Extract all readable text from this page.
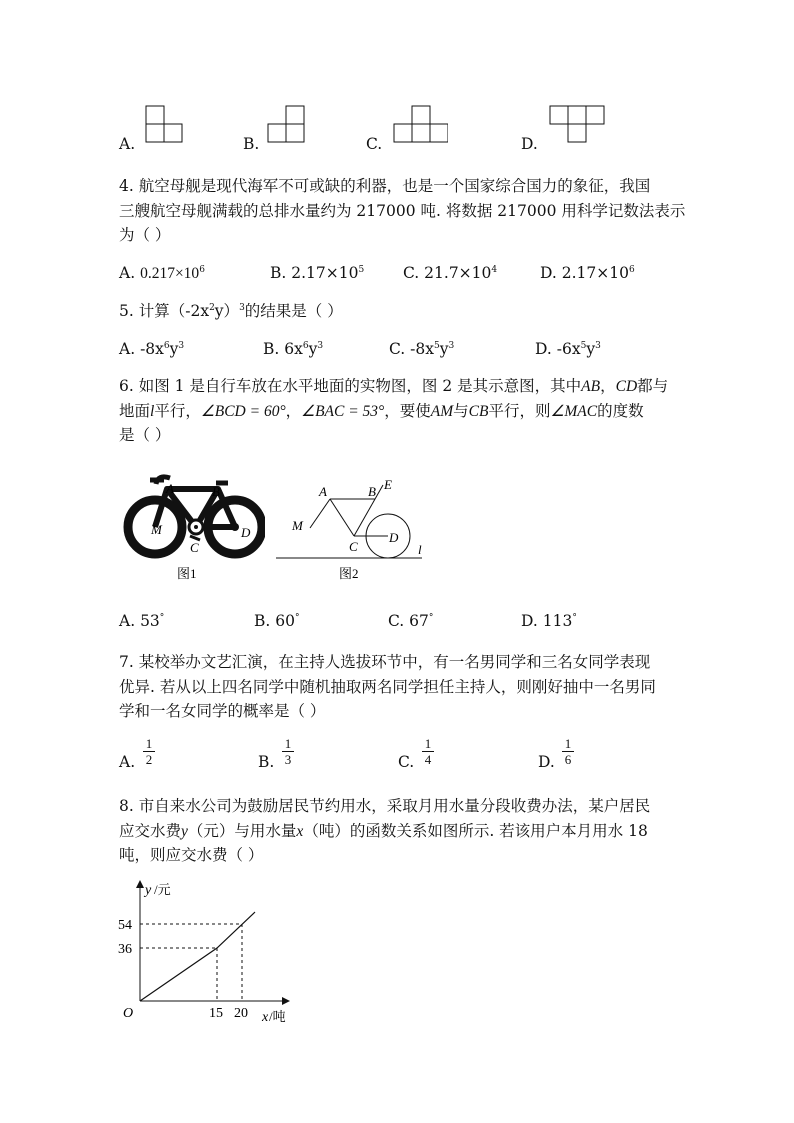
A.	B.	C.	D.
4. 航空母舰是现代海军不可或缺的利器，也是一个国家综合国力的象征，我国
三艘航空母舰满载的总排水量约为 217000 吨. 将数据 217000 用科学记数法表示
为（ ）
A. $0.217\times 10^6$	B. $2.17\times 10^5$	C. $21.7\times 10^4$	D. $2.17\times 10^6$
5. 计算$(-2x^2y)^3$的结果是（ ）
A. $-8x^6y^3$	B. $6x^6y^3$	C. $-8x^5y^3$	D. $-6x^5y^3$
6. 如图 1 是自行车放在水平地面的实物图，图 2 是其示意图，其中AB，CD都与
地面l平行，∠BCD = 60°，∠BAC = 53°，要使AM与CB平行，则∠MAC的度数
是（ ）
A	B
M
C
D
图1
A	B E
M
C
D
l
图2
A. 53°	B. 60°	C. 67°	D. 113°
7. 某校举办文艺汇演，在主持人选拔环节中，有一名男同学和三名女同学表现
优异. 若从以上四名同学中随机抽取两名同学担任主持人，则刚好抽中一名男同
学和一名女同学的概率是（ ）
A.
1
2	B.
1
3	C.
1
4	D.
1
6
8. 市自来水公司为鼓励居民节约用水，采取月用水量分段收费办法，某户居民
应交水费y（元）与用水量x（吨）的函数关系如图所示. 若该用户本月用水 18
吨，则应交水费（ ）
y /元
54
36
O	15 20 x /吨
